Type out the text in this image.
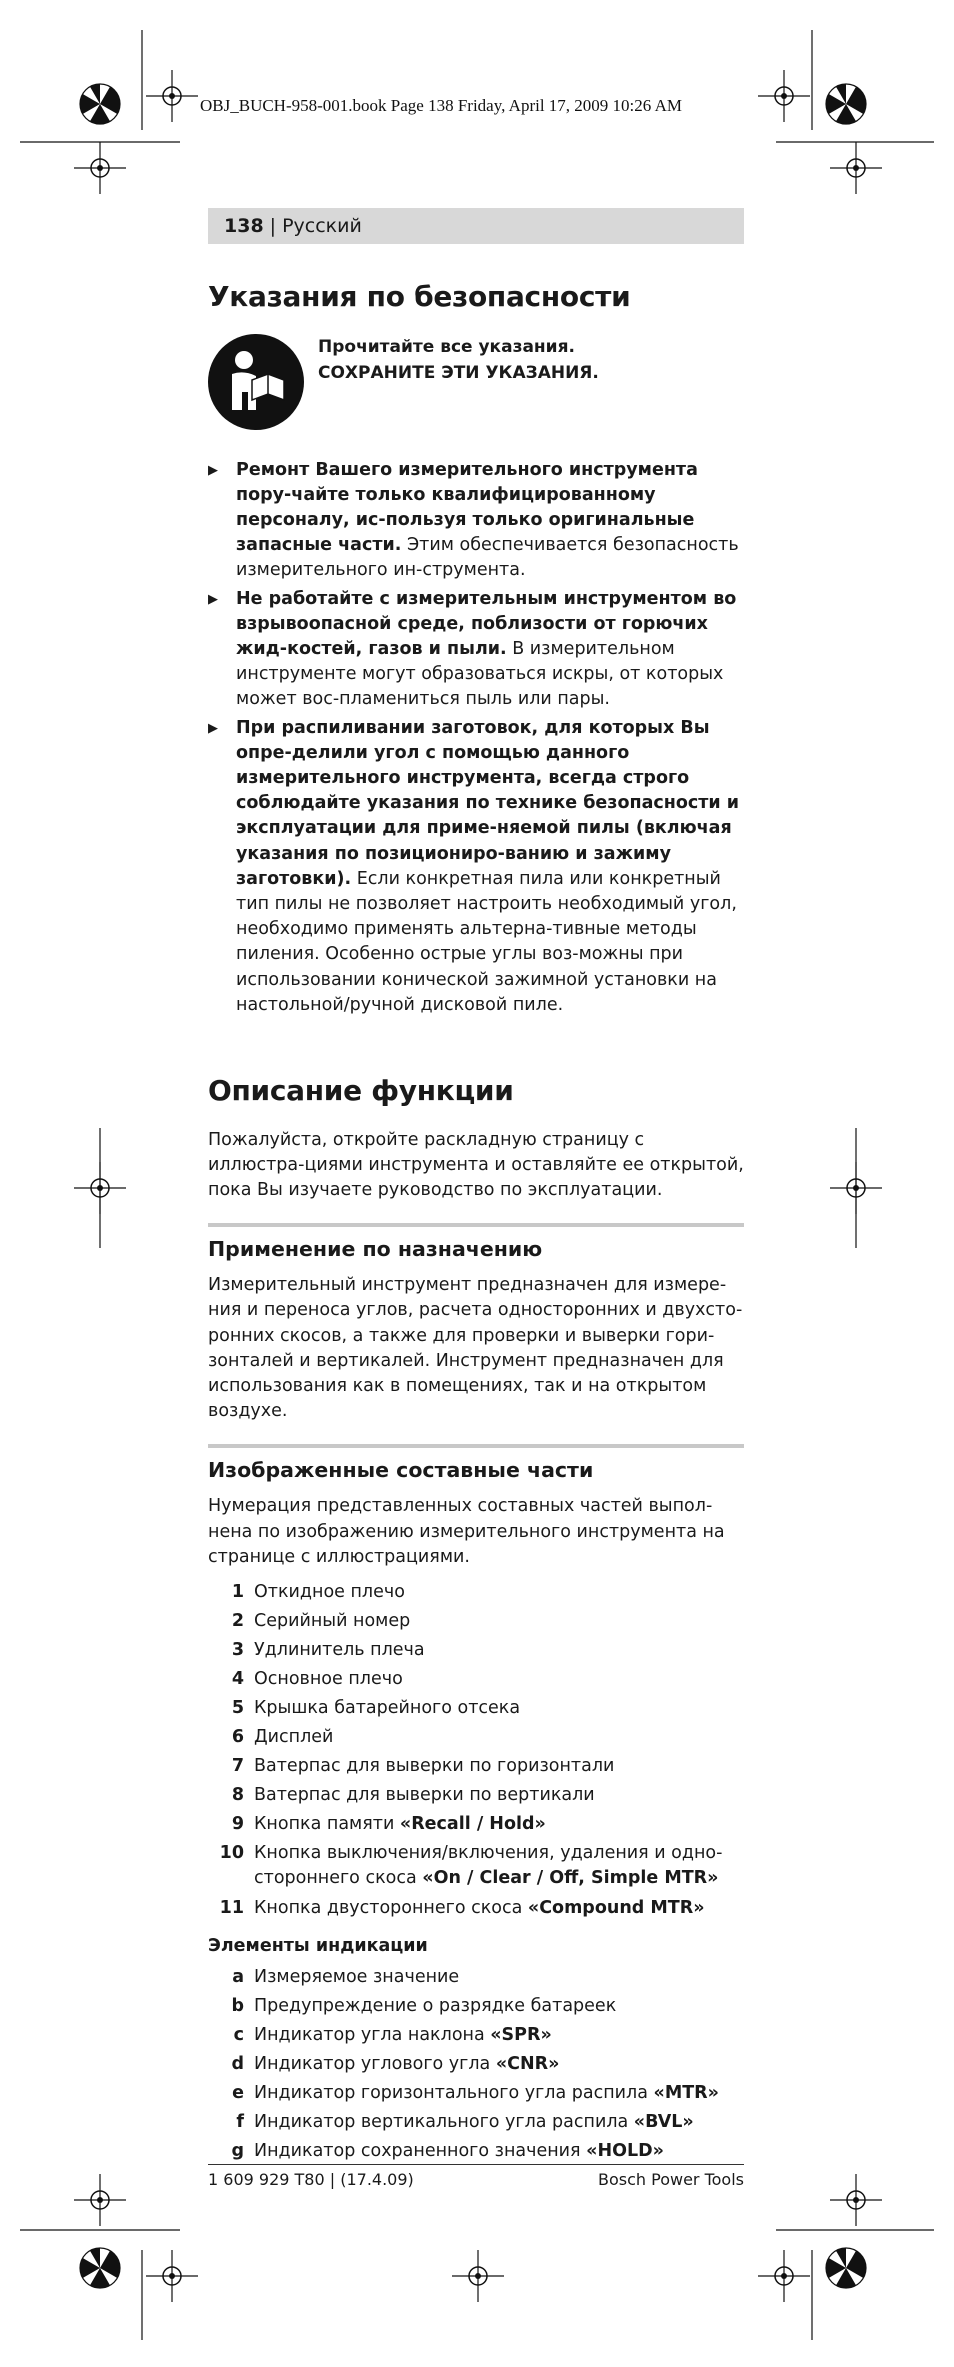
OBJ_BUCH-958-001.book Page 138 Friday, April 17, 2009 10:26 AM
138 | Русский
Указания по безопасности
Прочитайте все указания.
СОХРАНИТЕ ЭТИ УКАЗАНИЯ.
▶	Ремонт Вашего измерительного инструмента пору-чайте только квалифицированному персоналу, ис-пользуя только оригинальные запасные части. Этим обеспечивается безопасность измерительного ин-струмента.
▶	Не работайте с измерительным инструментом во взрывоопасной среде, поблизости от горючих жид-костей, газов и пыли. В измерительном инструменте могут образоваться искры, от которых может вос-пламениться пыль или пары.
▶	При распиливании заготовок, для которых Вы опре-делили угол с помощью данного измерительного инструмента, всегда строго соблюдайте указания по технике безопасности и эксплуатации для приме-няемой пилы (включая указания по позиционирo-ванию и зажиму заготовки). Если конкретная пила или конкретный тип пилы не позволяет настроить необходимый угол, необходимо применять альтерна-тивные методы пиления. Особенно острые углы воз-можны при использовании конической зажимной установки на настольной/ручной дисковой пиле.
Описание функции

Пожалуйста, откройте раскладную страницу с иллюстра-циями инструмента и оставляйте ее открытой, пока Вы изучаете руководство по эксплуатации.

Применение по назначению

Измерительный инструмент предназначен для измере-ния и переноса углов, расчета односторонних и двухсто-ронних скосов, а также для проверки и выверки гори-зонталей и вертикалей. Инструмент предназначен для использования как в помещениях, так и на открытом воздухе.

Изображенные составные части

Нумерация представленных составных частей выпол-нена по изображению измерительного инструмента на странице с иллюстрациями.

1 Откидное плечо
2 Серийный номер
3 Удлинитель плеча
4 Основное плечо
5 Крышка батарейного отсека
6 Дисплей
7 Ватерпас для выверки по горизонтали
8 Ватерпас для выверки по вертикали
9 Кнопка памяти «Recall / Hold»
10 Кнопка выключения/включения, удаления и одно-стороннего скоса «On / Clear / Off, Simple MTR»
11 Кнопка двустороннего скоса «Compound MTR»
Элементы индикации
a Измеряемое значение
b Предупреждение о разрядке батареек
c Индикатор угла наклона «SPR»
d Индикатор углового угла «CNR»
e Индикатор горизонтального угла распила «MTR»
f Индикатор вертикального угла распила «BVL»
g Индикатор сохраненного значения «HOLD»
1 609 929 T80 | (17.4.09)	Bosch Power Tools
